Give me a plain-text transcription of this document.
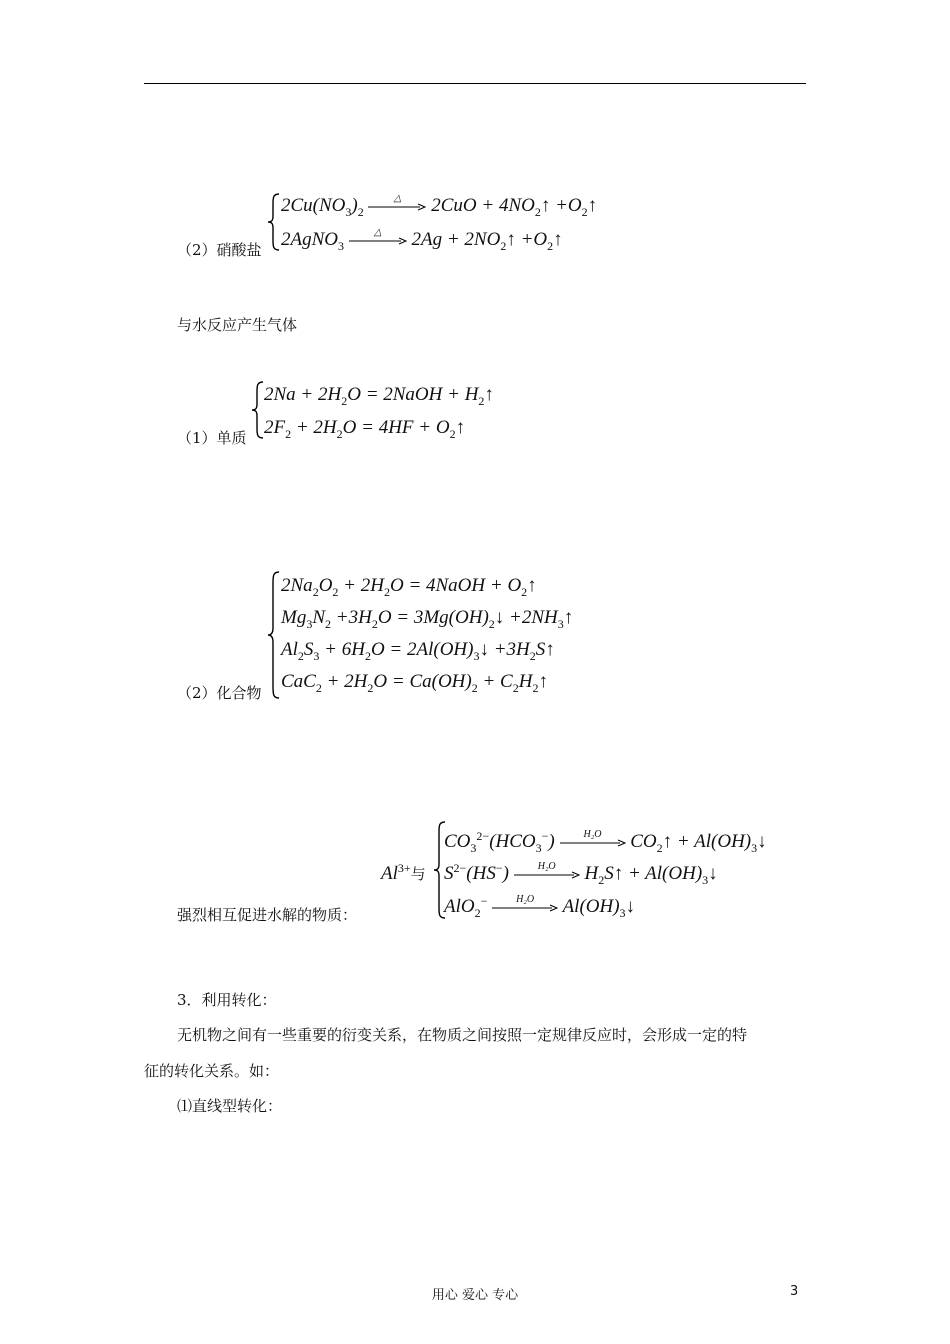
（2）硝酸盐
$2Cu(NO_3)_2$
△	$2CuO + 4NO_2↑$ $+O_2↑$
2AgNO$_3$
△	$2Ag + 2NO_2↑$ $+O_2↑$
与水反应产生气体
（1）单质
$2Na + 2H_2O$ = 2NaOH + $H_2↑$
$2F_2 + 2H_2O = 4HF$ + $O_2↑$
（2）化合物
$2Na_2O_2 + 2H_2O$ = 4NaOH + $O_2↑$
$Mg_3N_2 +3H_2O$ = $3Mg(OH)_2↓$ $+2NH_3↑$
$Al_2S_3 + 6H_2O$ = $2Al(OH)_3↓$ $+3H_2S↑$
$CaC_2 + 2H_2O = Ca(OH)_2$ + $C_2H_2↑$
强烈相互促进水解的物质：
$Al^{3+}$与
$CO_3^{2-}(HCO_3^-)$	H₂O	$CO_2↑$ + $Al(OH)_3↓$
$S^{2-}(HS^-)$	H₂O	$H_2S↑$ + $Al(OH)_3↓$
AlO$_2$−	H₂O	$Al(OH)_3↓$
3．利用转化：
无机物之间有一些重要的衍变关系，在物质之间按照一定规律反应时，会形成一定的特
征的转化关系。如：
⑴直线型转化：
用心 爱心 专心	3
